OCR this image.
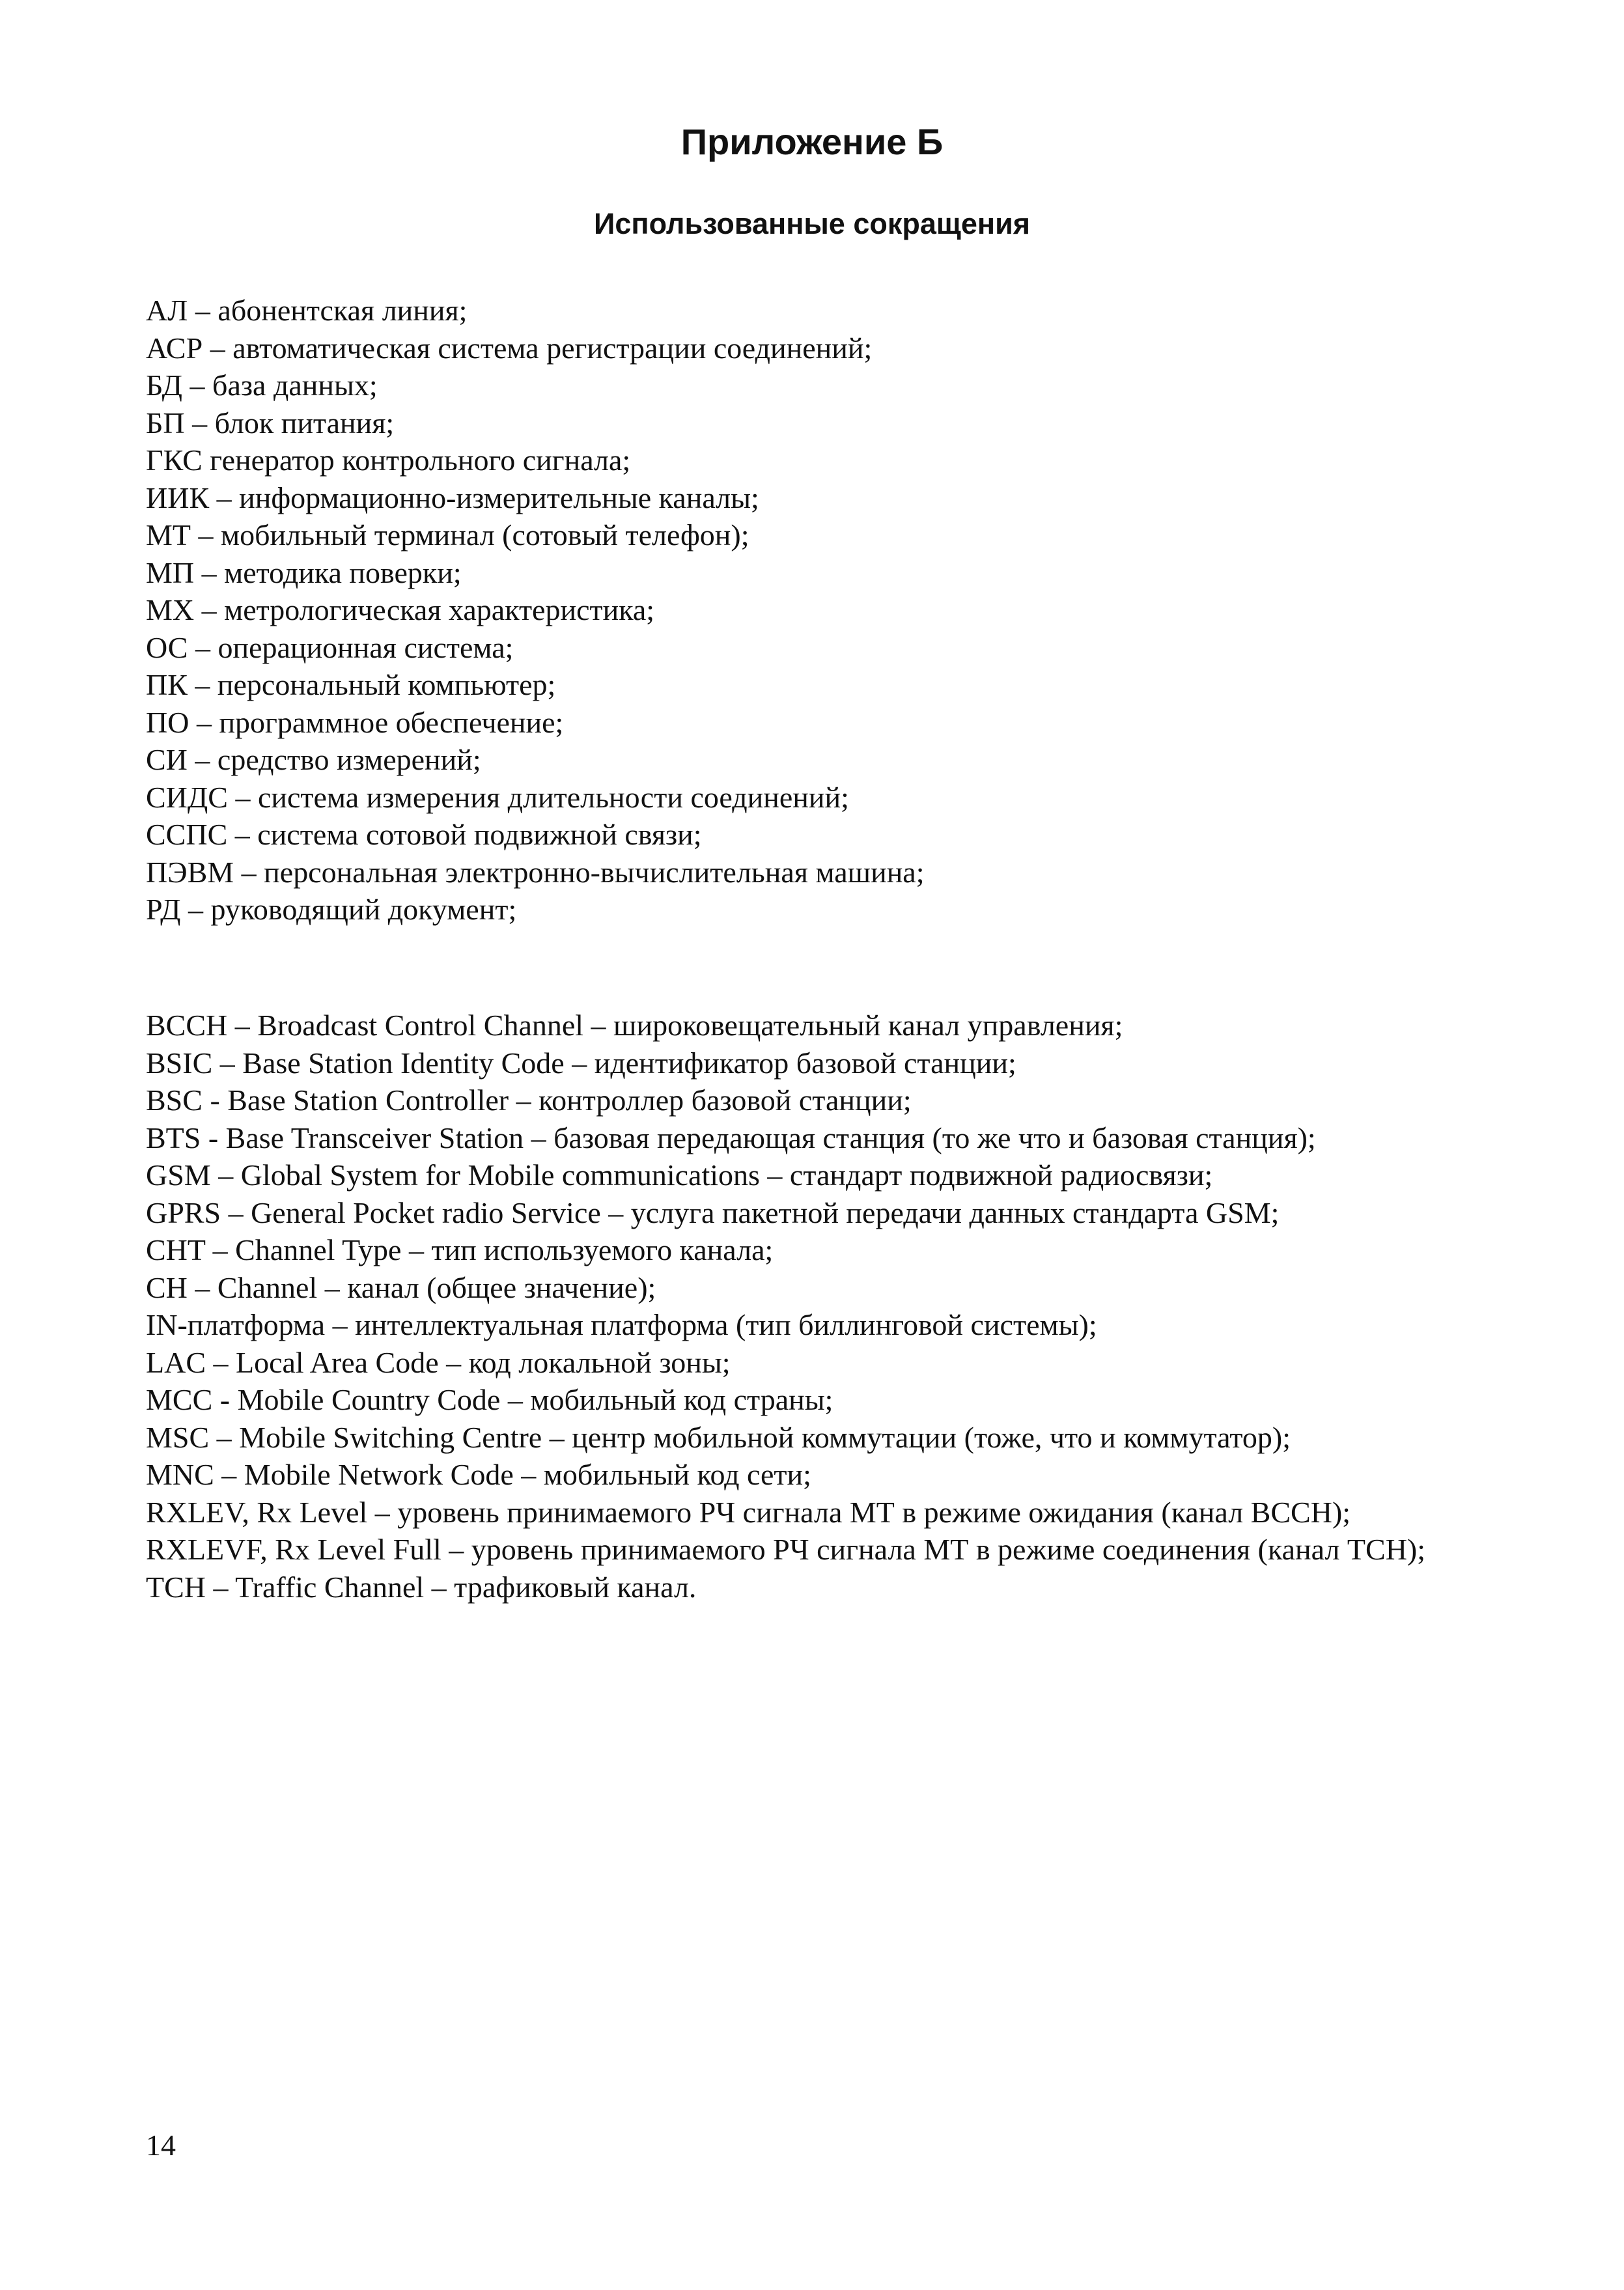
Приложение Б
Использованные сокращения
АЛ – абонентская линия;
АСР – автоматическая система регистрации соединений;
БД – база данных;
БП – блок питания;
ГКС генератор контрольного сигнала;
ИИК – информационно-измерительные каналы;
МТ – мобильный терминал (сотовый телефон);
МП – методика поверки;
МХ – метрологическая характеристика;
ОС – операционная система;
ПК – персональный компьютер;
ПО – программное обеспечение;
СИ – средство измерений;
СИДС – система измерения длительности соединений;
ССПС – система сотовой подвижной связи;
ПЭВМ – персональная электронно-вычислительная машина;
РД – руководящий документ;
BCCH – Broadcast Control Channel – широковещательный канал управления;
BSIC – Base Station Identity Code – идентификатор базовой станции;
BSC - Base Station Controller – контроллер базовой станции;
BTS - Base Transceiver Station – базовая передающая станция (то же что и базовая станция);
GSM – Global System for Mobile communications – стандарт подвижной радиосвязи;
GPRS – General Pocket radio Service – услуга пакетной передачи данных стандарта GSM;
CHT – Channel Type – тип используемого канала;
CH – Channel – канал (общее значение);
IN-платформа – интеллектуальная платформа (тип биллинговой системы);
LAC – Local Area Code – код локальной зоны;
MCC - Mobile Country Code – мобильный код страны;
MSC – Mobile Switching Centre – центр мобильной коммутации (тоже, что и коммутатор);
MNC – Mobile Network Code – мобильный код сети;
RXLEV, Rx Level – уровень принимаемого РЧ сигнала МТ в режиме ожидания (канал BCCH);
RXLEVF, Rx Level Full – уровень принимаемого РЧ сигнала МТ в режиме соединения (канал TCH);
TCH – Traffic Channel – трафиковый канал.
14
